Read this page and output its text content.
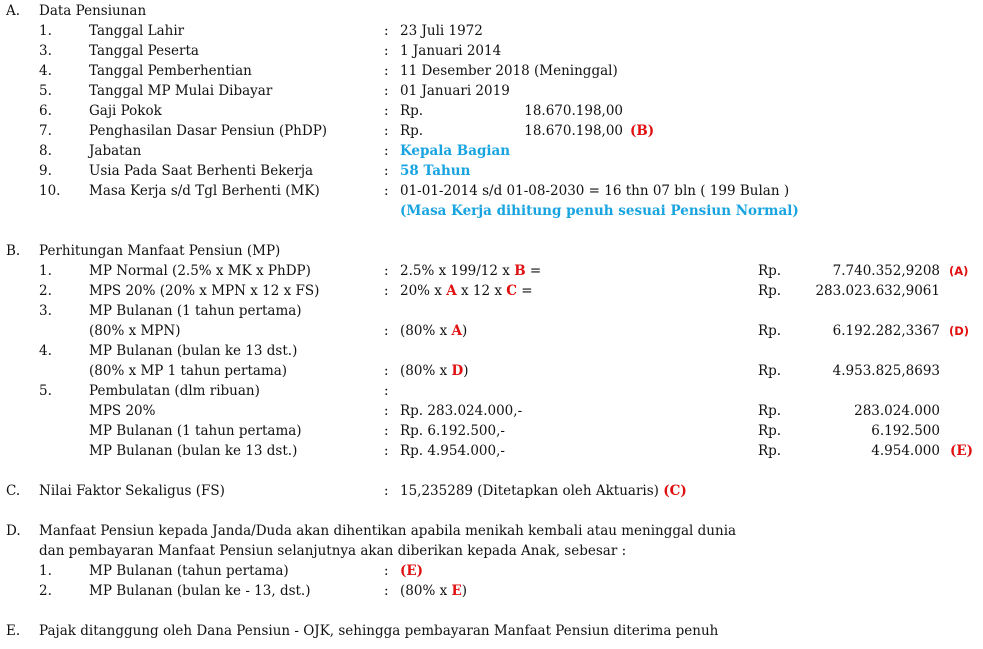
A. Data Pensiunan
1.	Tanggal Lahir	: 23 Juli 1972
3.	Tanggal Peserta	: 1 Januari 2014
4.	Tanggal Pemberhentian	: 11 Desember 2018 (Meninggal)
5.	Tanggal MP Mulai Dibayar	: 01 Januari 2019
6.	Gaji Pokok	: Rp.	18.670.198,00
7.	Penghasilan Dasar Pensiun (PhDP)	: Rp.	18.670.198,00 (B)
8.	Jabatan	: Kepala Bagian
9.	Usia Pada Saat Berhenti Bekerja	: 58 Tahun
10. Masa Kerja s/d Tgl Berhenti (MK)	: 01-01-2014 s/d 01-08-2030 = 16 thn 07 bln ( 199 Bulan )
(Masa Kerja dihitung penuh sesuai Pensiun Normal)
B. Perhitungan Manfaat Pensiun (MP)
1.	MP Normal (2.5% x MK x PhDP)	: 2.5% x 199/12 x B =	Rp.	7.740.352,9208 (A)
2.	MPS 20% (20% x MPN x 12 x FS)	: 20% x A x 12 x C =	Rp.	283.023.632,9061
3.	MP Bulanan (1 tahun pertama)
(80% x MPN)	: (80% x A)	Rp.	6.192.282,3367 (D)
4.	MP Bulanan (bulan ke 13 dst.)
(80% x MP 1 tahun pertama)	: (80% x D)	Rp.	4.953.825,8693
5.	Pembulatan (dlm ribuan)	:
MPS 20%	: Rp. 283.024.000,-	Rp.	283.024.000
MP Bulanan (1 tahun pertama)	: Rp. 6.192.500,-	Rp.	6.192.500
MP Bulanan (bulan ke 13 dst.)	: Rp. 4.954.000,-	Rp.	4.954.000 (E)
C. Nilai Faktor Sekaligus (FS)	: 15,235289 (Ditetapkan oleh Aktuaris) (C)
D. Manfaat Pensiun kepada Janda/Duda akan dihentikan apabila menikah kembali atau meninggal dunia
dan pembayaran Manfaat Pensiun selanjutnya akan diberikan kepada Anak, sebesar :
1.	MP Bulanan (tahun pertama)	: (E)
2.	MP Bulanan (bulan ke - 13, dst.)	: (80% x E)
E. Pajak ditanggung oleh Dana Pensiun - OJK, sehingga pembayaran Manfaat Pensiun diterima penuh
